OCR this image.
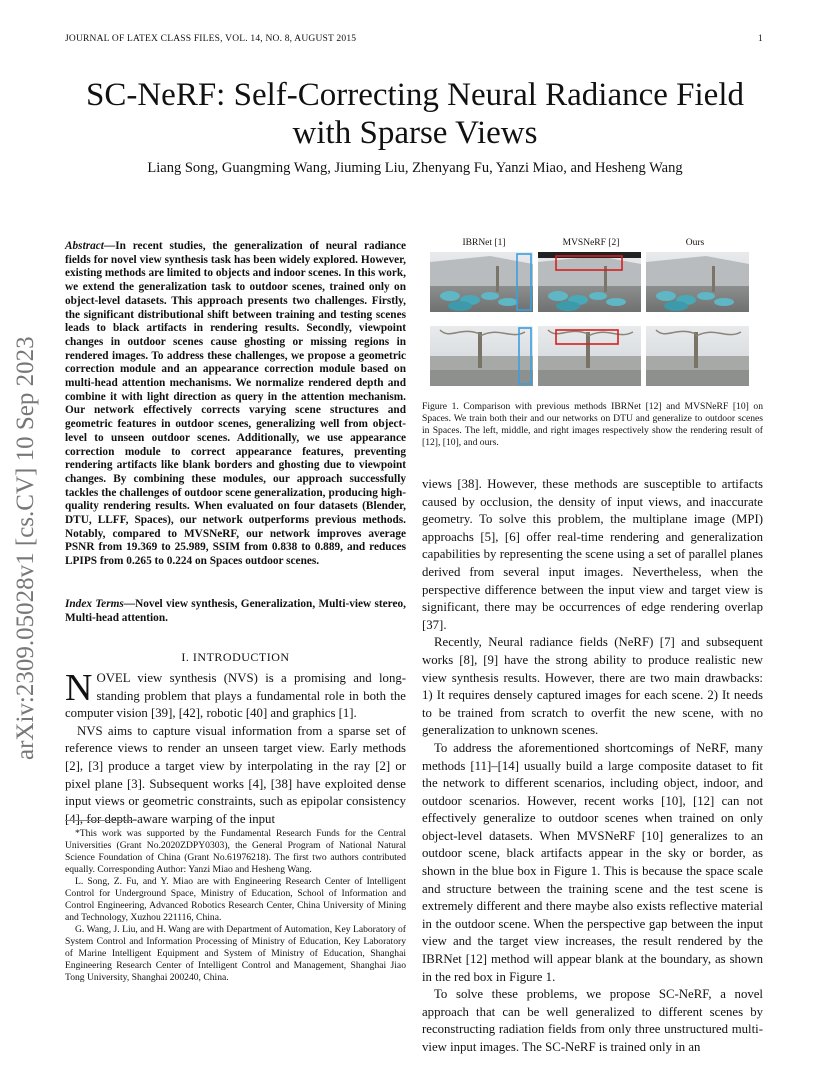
JOURNAL OF LATEX CLASS FILES, VOL. 14, NO. 8, AUGUST 2015	1
arXiv:2309.05028v1 [cs.CV] 10 Sep 2023
SC-NeRF: Self-Correcting Neural Radiance Field
with Sparse Views
Liang Song, Guangming Wang, Jiuming Liu, Zhenyang Fu, Yanzi Miao, and Hesheng Wang
Abstract—In recent studies, the generalization of neural radiance fields for novel view synthesis task has been widely explored. However, existing methods are limited to objects and indoor scenes. In this work, we extend the generalization task to outdoor scenes, trained only on object-level datasets. This approach presents two challenges. Firstly, the significant distributional shift between training and testing scenes leads to black artifacts in rendering results. Secondly, viewpoint changes in outdoor scenes cause ghosting or missing regions in rendered images. To address these challenges, we propose a geometric correction module and an appearance correction module based on multi-head attention mechanisms. We normalize rendered depth and combine it with light direction as query in the attention mechanism. Our network effectively corrects varying scene structures and geometric features in outdoor scenes, generalizing well from object-level to unseen outdoor scenes. Additionally, we use appearance correction module to correct appearance features, preventing rendering artifacts like blank borders and ghosting due to viewpoint changes. By combining these modules, our approach successfully tackles the challenges of outdoor scene generalization, producing high-quality rendering results. When evaluated on four datasets (Blender, DTU, LLFF, Spaces), our network outperforms previous methods. Notably, compared to MVSNeRF, our network improves average PSNR from 19.369 to 25.989, SSIM from 0.838 to 0.889, and reduces LPIPS from 0.265 to 0.224 on Spaces outdoor scenes.
Index Terms—Novel view synthesis, Generalization, Multi-view stereo, Multi-head attention.
I. INTRODUCTION

NOVEL view synthesis (NVS) is a promising and long-standing problem that plays a fundamental role in both the computer vision [39], [42], robotic [40] and graphics [1].

NVS aims to capture visual information from a sparse set of reference views to render an unseen target view. Early methods [2], [3] produce a target view by interpolating in the ray [2] or pixel plane [3]. Subsequent works [4], [38] have exploited dense input views or geometric constraints, such as epipolar consistency [4], for depth-aware warping of the input

*This work was supported by the Fundamental Research Funds for the Central Universities (Grant No.2020ZDPY0303), the General Program of National Natural Science Foundation of China (Grant No.61976218). The first two authors contributed equally. Corresponding Author: Yanzi Miao and Hesheng Wang.

L. Song, Z. Fu, and Y. Miao are with Engineering Research Center of Intelligent Control for Underground Space, Ministry of Education, School of Information and Control Engineering, Advanced Robotics Research Center, China University of Mining and Technology, Xuzhou 221116, China.

G. Wang, J. Liu, and H. Wang are with Department of Automation, Key Laboratory of System Control and Information Processing of Ministry of Education, Key Laboratory of Marine Intelligent Equipment and System of Ministry of Education, Shanghai Engineering Research Center of Intelligent Control and Management, Shanghai Jiao Tong University, Shanghai 200240, China.

IBRNet [1]	MVSNeRF [2]	Ours
Figure 1. Comparison with previous methods IBRNet [12] and MVSNeRF [10] on Spaces. We train both their and our networks on DTU and generalize to outdoor scenes in Spaces. The left, middle, and right images respectively show the rendering result of [12], [10], and ours.

views [38]. However, these methods are susceptible to artifacts caused by occlusion, the density of input views, and inaccurate geometry. To solve this problem, the multiplane image (MPI) approachs [5], [6] offer real-time rendering and generalization capabilities by representing the scene using a set of parallel planes derived from several input images. Nevertheless, when the perspective difference between the input view and target view is significant, there may be occurrences of edge rendering overlap [37].

Recently, Neural radiance fields (NeRF) [7] and subsequent works [8], [9] have the strong ability to produce realistic new view synthesis results. However, there are two main drawbacks: 1) It requires densely captured images for each scene. 2) It needs to be trained from scratch to overfit the new scene, with no generalization to unknown scenes.

To address the aforementioned shortcomings of NeRF, many methods [11]–[14] usually build a large composite dataset to fit the network to different scenarios, including object, indoor, and outdoor scenarios. However, recent works [10], [12] can not effectively generalize to outdoor scenes when trained on only object-level datasets. When MVSNeRF [10] generalizes to an outdoor scene, black artifacts appear in the sky or border, as shown in the blue box in Figure 1. This is because the space scale and structure between the training scene and the test scene is extremely different and there maybe also exists reflective material in the outdoor scene. When the perspective gap between the input view and the target view increases, the result rendered by the IBRNet [12] method will appear blank at the boundary, as shown in the red box in Figure 1.

To solve these problems, we propose SC-NeRF, a novel approach that can be well generalized to different scenes by reconstructing radiation fields from only three unstructured multi-view input images. The SC-NeRF is trained only in an
